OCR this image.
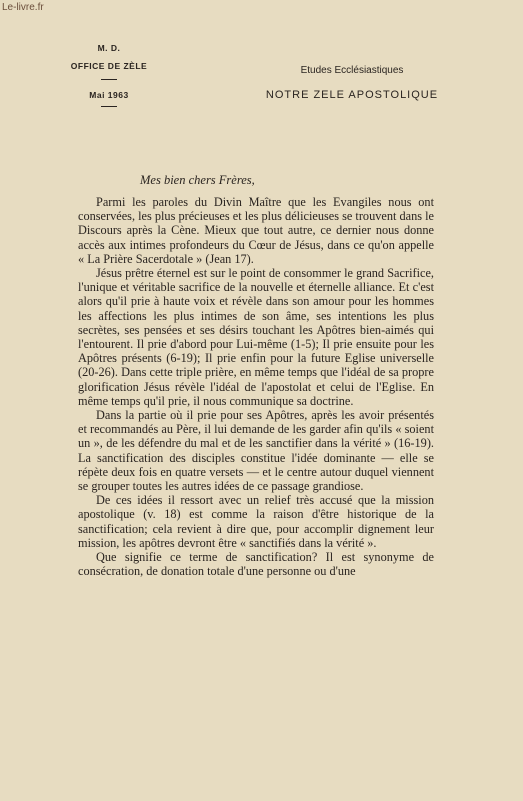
Le-livre.fr
M. D.
OFFICE DE ZÈLE
Mai 1963
Etudes Ecclésiastiques
NOTRE ZELE APOSTOLIQUE
Mes bien chers Frères,

Parmi les paroles du Divin Maître que les Evangiles nous ont conservées, les plus précieuses et les plus délicieuses se trouvent dans le Discours après la Cène. Mieux que tout autre, ce dernier nous donne accès aux intimes profondeurs du Cœur de Jésus, dans ce qu'on appelle « La Prière Sacerdotale » (Jean 17).

Jésus prêtre éternel est sur le point de consommer le grand Sacrifice, l'unique et véritable sacrifice de la nouvelle et éternelle alliance. Et c'est alors qu'il prie à haute voix et révèle dans son amour pour les hommes les affections les plus intimes de son âme, ses intentions les plus secrètes, ses pensées et ses désirs touchant les Apôtres bien-aimés qui l'entourent. Il prie d'abord pour Lui-même (1-5); Il prie ensuite pour les Apôtres présents (6-19); Il prie enfin pour la future Eglise universelle (20-26). Dans cette triple prière, en même temps que l'idéal de sa propre glorification Jésus révèle l'idéal de l'apostolat et celui de l'Eglise. En même temps qu'il prie, il nous communique sa doctrine.

Dans la partie où il prie pour ses Apôtres, après les avoir présentés et recommandés au Père, il lui demande de les garder afin qu'ils « soient un », de les défendre du mal et de les sanctifier dans la vérité » (16-19). La sanctification des disciples constitue l'idée dominante — elle se répète deux fois en quatre versets — et le centre autour duquel viennent se grouper toutes les autres idées de ce passage grandiose.

De ces idées il ressort avec un relief très accusé que la mission apostolique (v. 18) est comme la raison d'être historique de la sanctification; cela revient à dire que, pour accomplir dignement leur mission, les apôtres devront être « sanctifiés dans la vérité ».

Que signifie ce terme de sanctification? Il est synonyme de consécration, de donation totale d'une personne ou d'une
